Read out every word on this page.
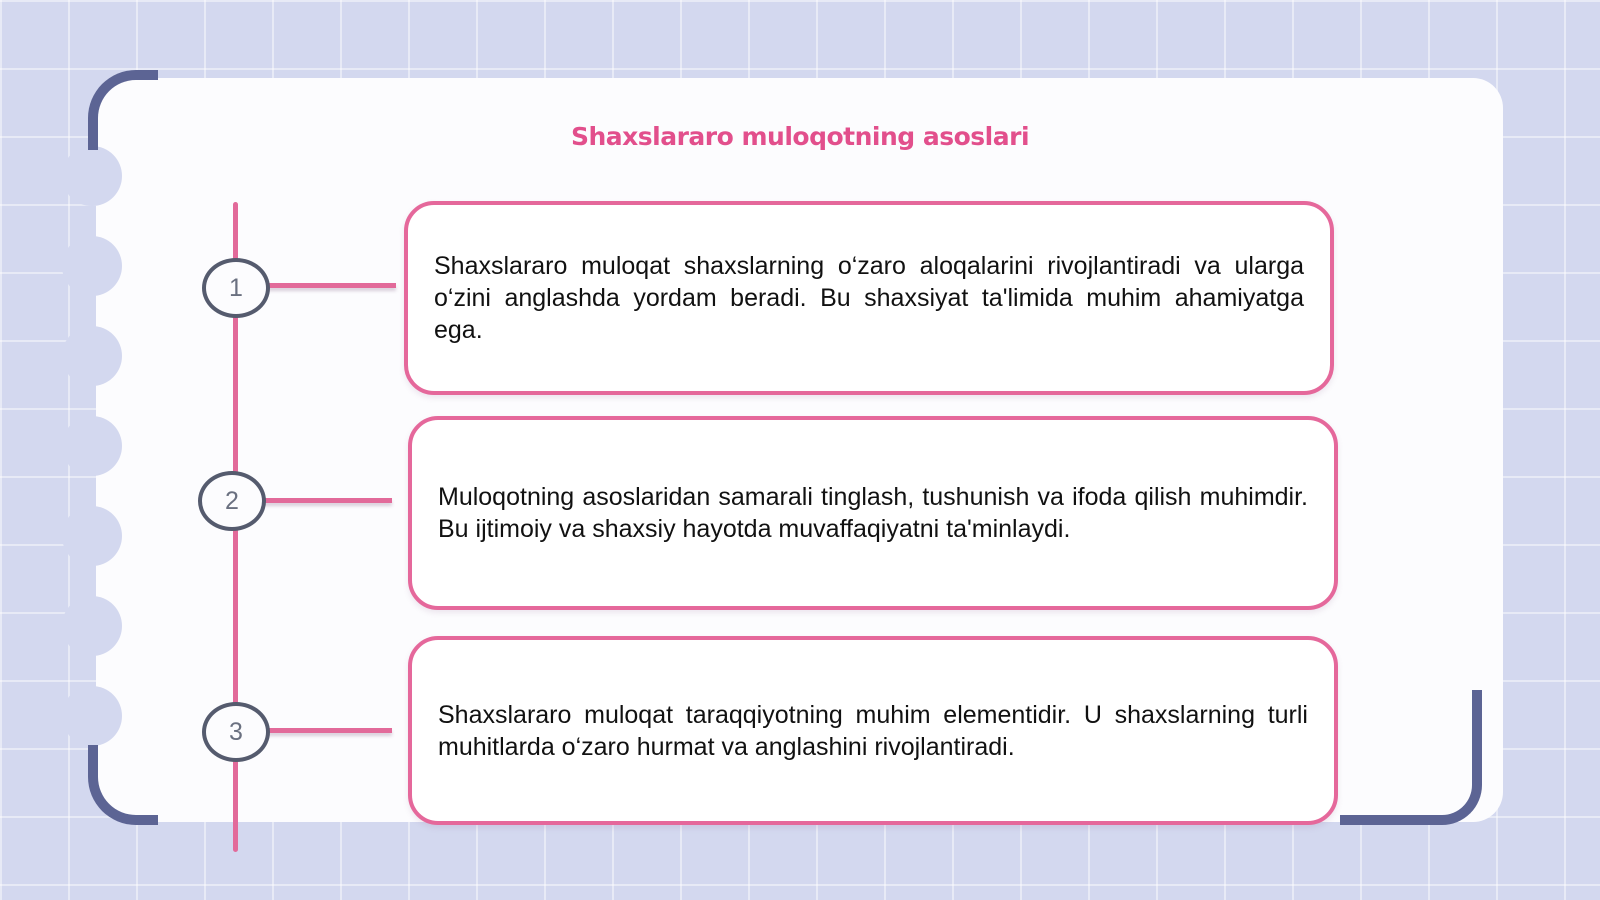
Shaxslararo muloqotning asoslari
1
Shaxslararo muloqat shaxslarning o‘zaro aloqalarini rivojlantiradi va ularga o‘zini anglashda yordam beradi. Bu shaxsiyat ta'limida muhim ahamiyatga ega.
2	Muloqotning asoslaridan samarali tinglash, tushunish va ifoda qilish muhimdir. Bu ijtimoiy va shaxsiy hayotda muvaffaqiyatni ta'minlaydi.
3
Shaxslararo muloqat taraqqiyotning muhim elementidir. U shaxslarning turli muhitlarda o‘zaro hurmat va anglashini rivojlantiradi.
